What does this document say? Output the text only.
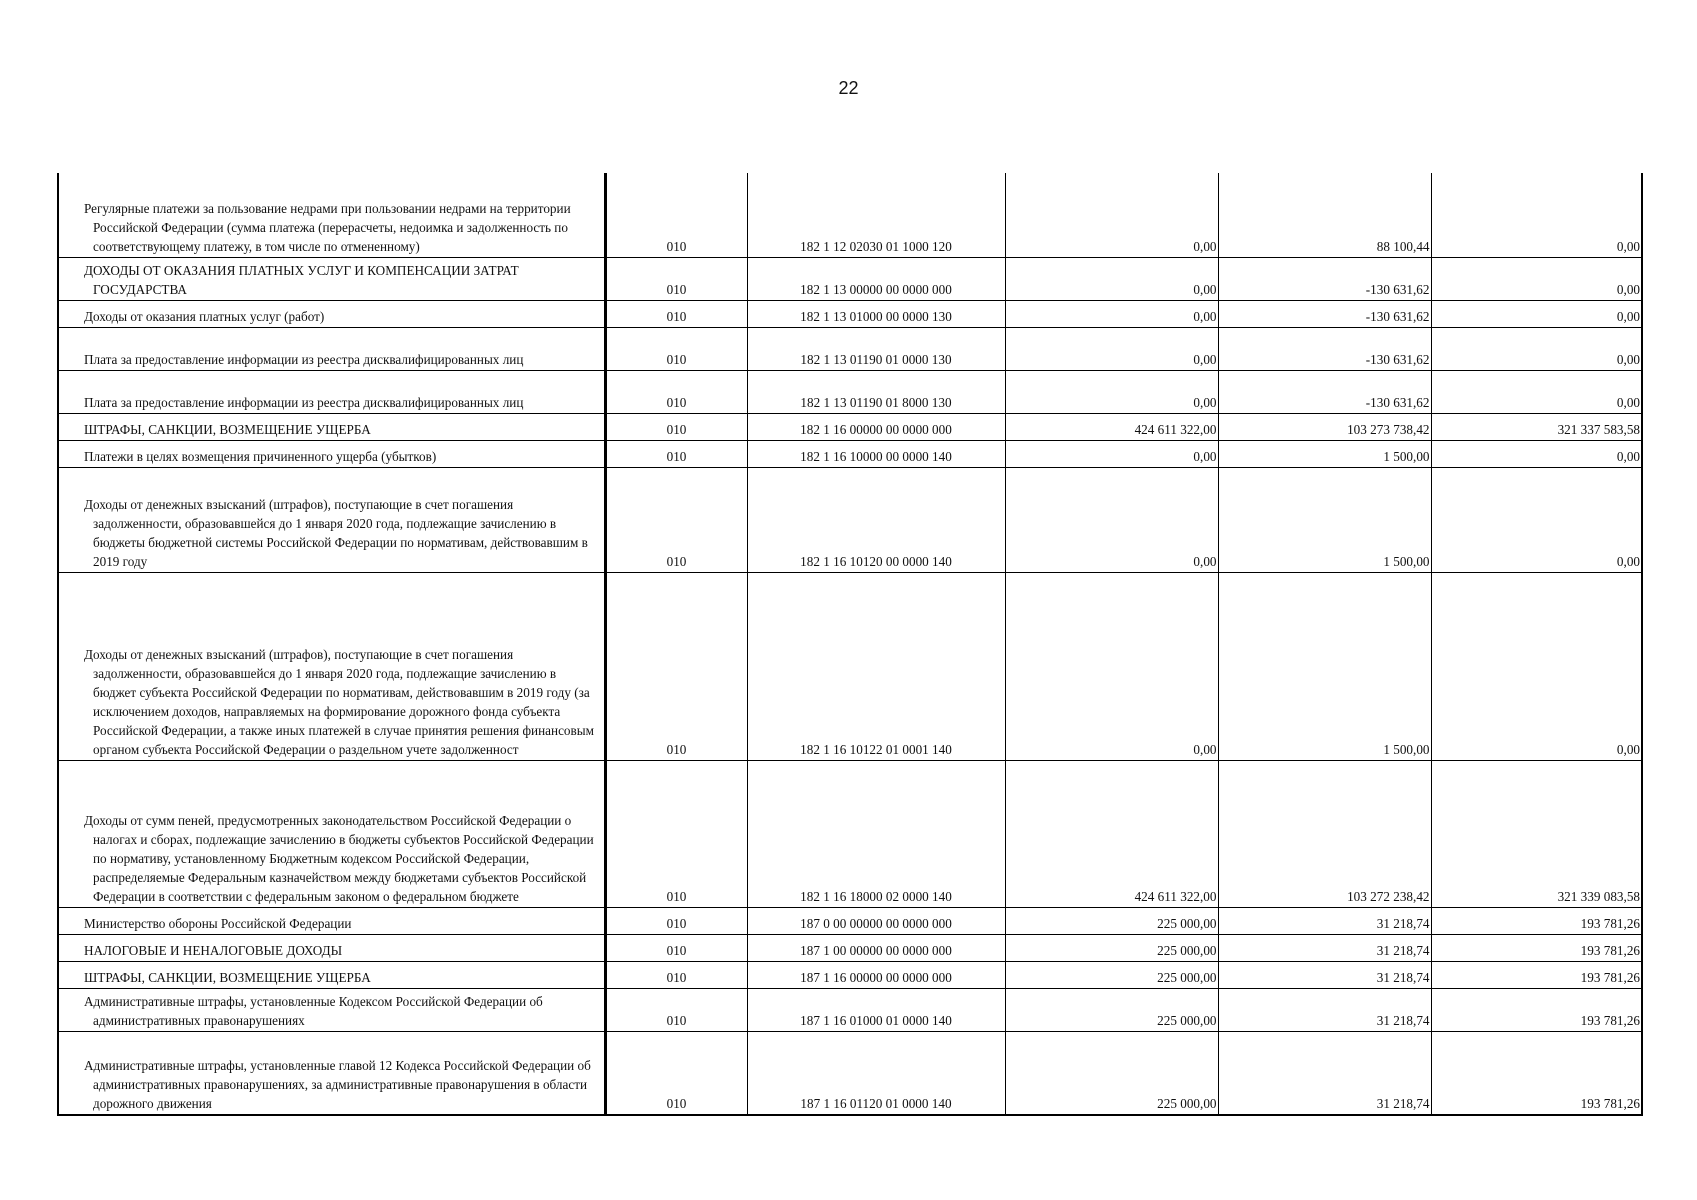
22
Регулярные платежи за пользование недрами при пользовании недрами на территории Российской Федерации (сумма платежа (перерасчеты, недоимка и задолженность по соответствующему платежу, в том числе по отмененному)	010	182 1 12 02030 01 1000 120	0,00	88 100,44	0,00
ДОХОДЫ ОТ ОКАЗАНИЯ ПЛАТНЫХ УСЛУГ И КОМПЕНСАЦИИ ЗАТРАТ ГОСУДАРСТВА	010	182 1 13 00000 00 0000 000	0,00	-130 631,62	0,00
Доходы от оказания платных услуг (работ)	010	182 1 13 01000 00 0000 130	0,00	-130 631,62	0,00
Плата за предоставление информации из реестра дисквалифицированных лиц	010	182 1 13 01190 01 0000 130	0,00	-130 631,62	0,00
Плата за предоставление информации из реестра дисквалифицированных лиц	010	182 1 13 01190 01 8000 130	0,00	-130 631,62	0,00
ШТРАФЫ, САНКЦИИ, ВОЗМЕЩЕНИЕ УЩЕРБА	010	182 1 16 00000 00 0000 000	424 611 322,00	103 273 738,42	321 337 583,58
Платежи в целях возмещения причиненного ущерба (убытков)	010	182 1 16 10000 00 0000 140	0,00	1 500,00	0,00
Доходы от денежных взысканий (штрафов), поступающие в счет погашения задолженности, образовавшейся до 1 января 2020 года, подлежащие зачислению в бюджеты бюджетной системы Российской Федерации по нормативам, действовавшим в 2019 году	010	182 1 16 10120 00 0000 140	0,00	1 500,00	0,00
Доходы от денежных взысканий (штрафов), поступающие в счет погашения задолженности, образовавшейся до 1 января 2020 года, подлежащие зачислению в бюджет субъекта Российской Федерации по нормативам, действовавшим в 2019 году (за исключением доходов, направляемых на формирование дорожного фонда субъекта Российской Федерации, а также иных платежей в случае принятия решения финансовым органом субъекта Российской Федерации о раздельном учете задолженност	010	182 1 16 10122 01 0001 140	0,00	1 500,00	0,00
Доходы от сумм пеней, предусмотренных законодательством Российской Федерации о налогах и сборах, подлежащие зачислению в бюджеты субъектов Российской Федерации по нормативу, установленному Бюджетным кодексом Российской Федерации, распределяемые Федеральным казначейством между бюджетами субъектов Российской Федерации в соответствии с федеральным законом о федеральном бюджете	010	182 1 16 18000 02 0000 140	424 611 322,00	103 272 238,42	321 339 083,58
Министерство обороны Российской Федерации	010	187 0 00 00000 00 0000 000	225 000,00	31 218,74	193 781,26
НАЛОГОВЫЕ И НЕНАЛОГОВЫЕ ДОХОДЫ	010	187 1 00 00000 00 0000 000	225 000,00	31 218,74	193 781,26
ШТРАФЫ, САНКЦИИ, ВОЗМЕЩЕНИЕ УЩЕРБА	010	187 1 16 00000 00 0000 000	225 000,00	31 218,74	193 781,26
Административные штрафы, установленные Кодексом Российской Федерации об административных правонарушениях	010	187 1 16 01000 01 0000 140	225 000,00	31 218,74	193 781,26
Административные штрафы, установленные главой 12 Кодекса Российской Федерации об административных правонарушениях, за административные правонарушения в области дорожного движения	010	187 1 16 01120 01 0000 140	225 000,00	31 218,74	193 781,26
